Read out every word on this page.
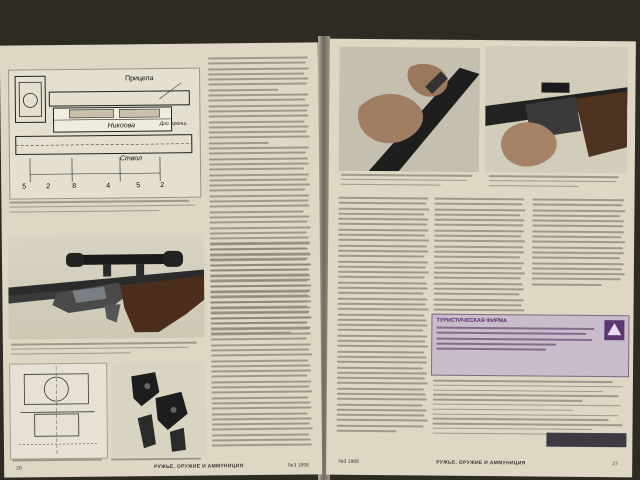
Прицела
Никоова
Ствол
Доп. кронш.
5	2	8	4	5	2

26	РУЖЬЕ. ОРУЖИЕ И АММУНИЦИЯ	№3 1998
ТУРИСТИЧЕСКАЯ ФИРМА
№3 1998	РУЖЬЕ. ОРУЖИЕ И АММУНИЦИЯ	27
